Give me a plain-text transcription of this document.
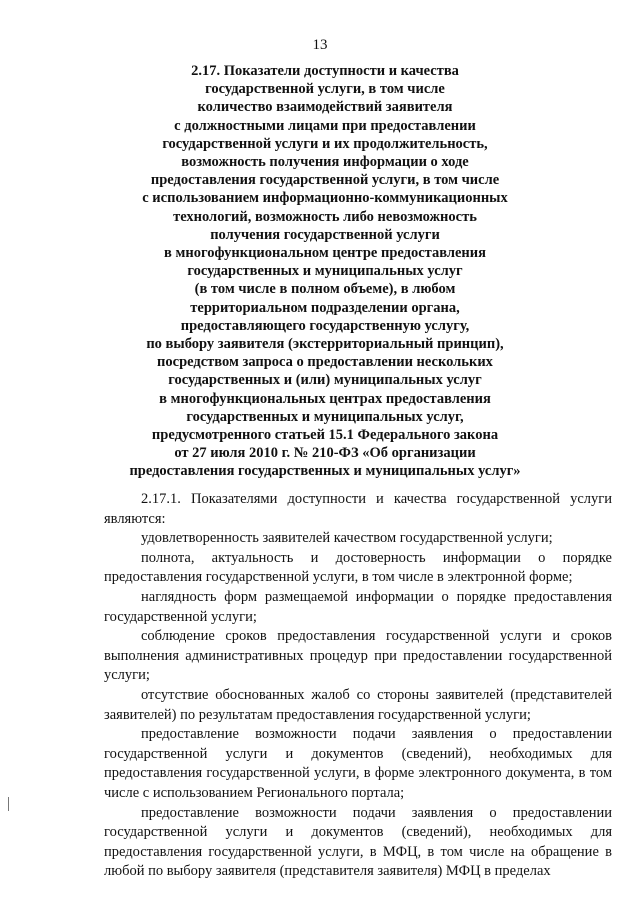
13
2.17. Показатели доступности и качества
государственной услуги, в том числе
количество взаимодействий заявителя
с должностными лицами при предоставлении
государственной услуги и их продолжительность,
возможность получения информации о ходе
предоставления государственной услуги, в том числе
с использованием информационно-коммуникационных
технологий, возможность либо невозможность
получения государственной услуги
в многофункциональном центре предоставления
государственных и муниципальных услуг
(в том числе в полном объеме), в любом
территориальном подразделении органа,
предоставляющего государственную услугу,
по выбору заявителя (экстерриториальный принцип),
посредством запроса о предоставлении нескольких
государственных и (или) муниципальных услуг
в многофункциональных центрах предоставления
государственных и муниципальных услуг,
предусмотренного статьей 15.1 Федерального закона
от 27 июля 2010 г. № 210-ФЗ «Об организации
предоставления государственных и муниципальных услуг»

2.17.1. Показателями доступности и качества государственной услуги являются:

удовлетворенность заявителей качеством государственной услуги;

полнота, актуальность и достоверность информации о порядке предоставления государственной услуги, в том числе в электронной форме;

наглядность форм размещаемой информации о порядке предоставления государственной услуги;

соблюдение сроков предоставления государственной услуги и сроков выполнения административных процедур при предоставлении государственной услуги;

отсутствие обоснованных жалоб со стороны заявителей (представителей заявителей) по результатам предоставления государственной услуги;

предоставление возможности подачи заявления о предоставлении государственной услуги и документов (сведений), необходимых для предоставления государственной услуги, в форме электронного документа, в том числе с использованием Регионального портала;

предоставление возможности подачи заявления о предоставлении государственной услуги и документов (сведений), необходимых для предоставления государственной услуги, в МФЦ, в том числе на обращение в любой по выбору заявителя (представителя заявителя) МФЦ в пределах
